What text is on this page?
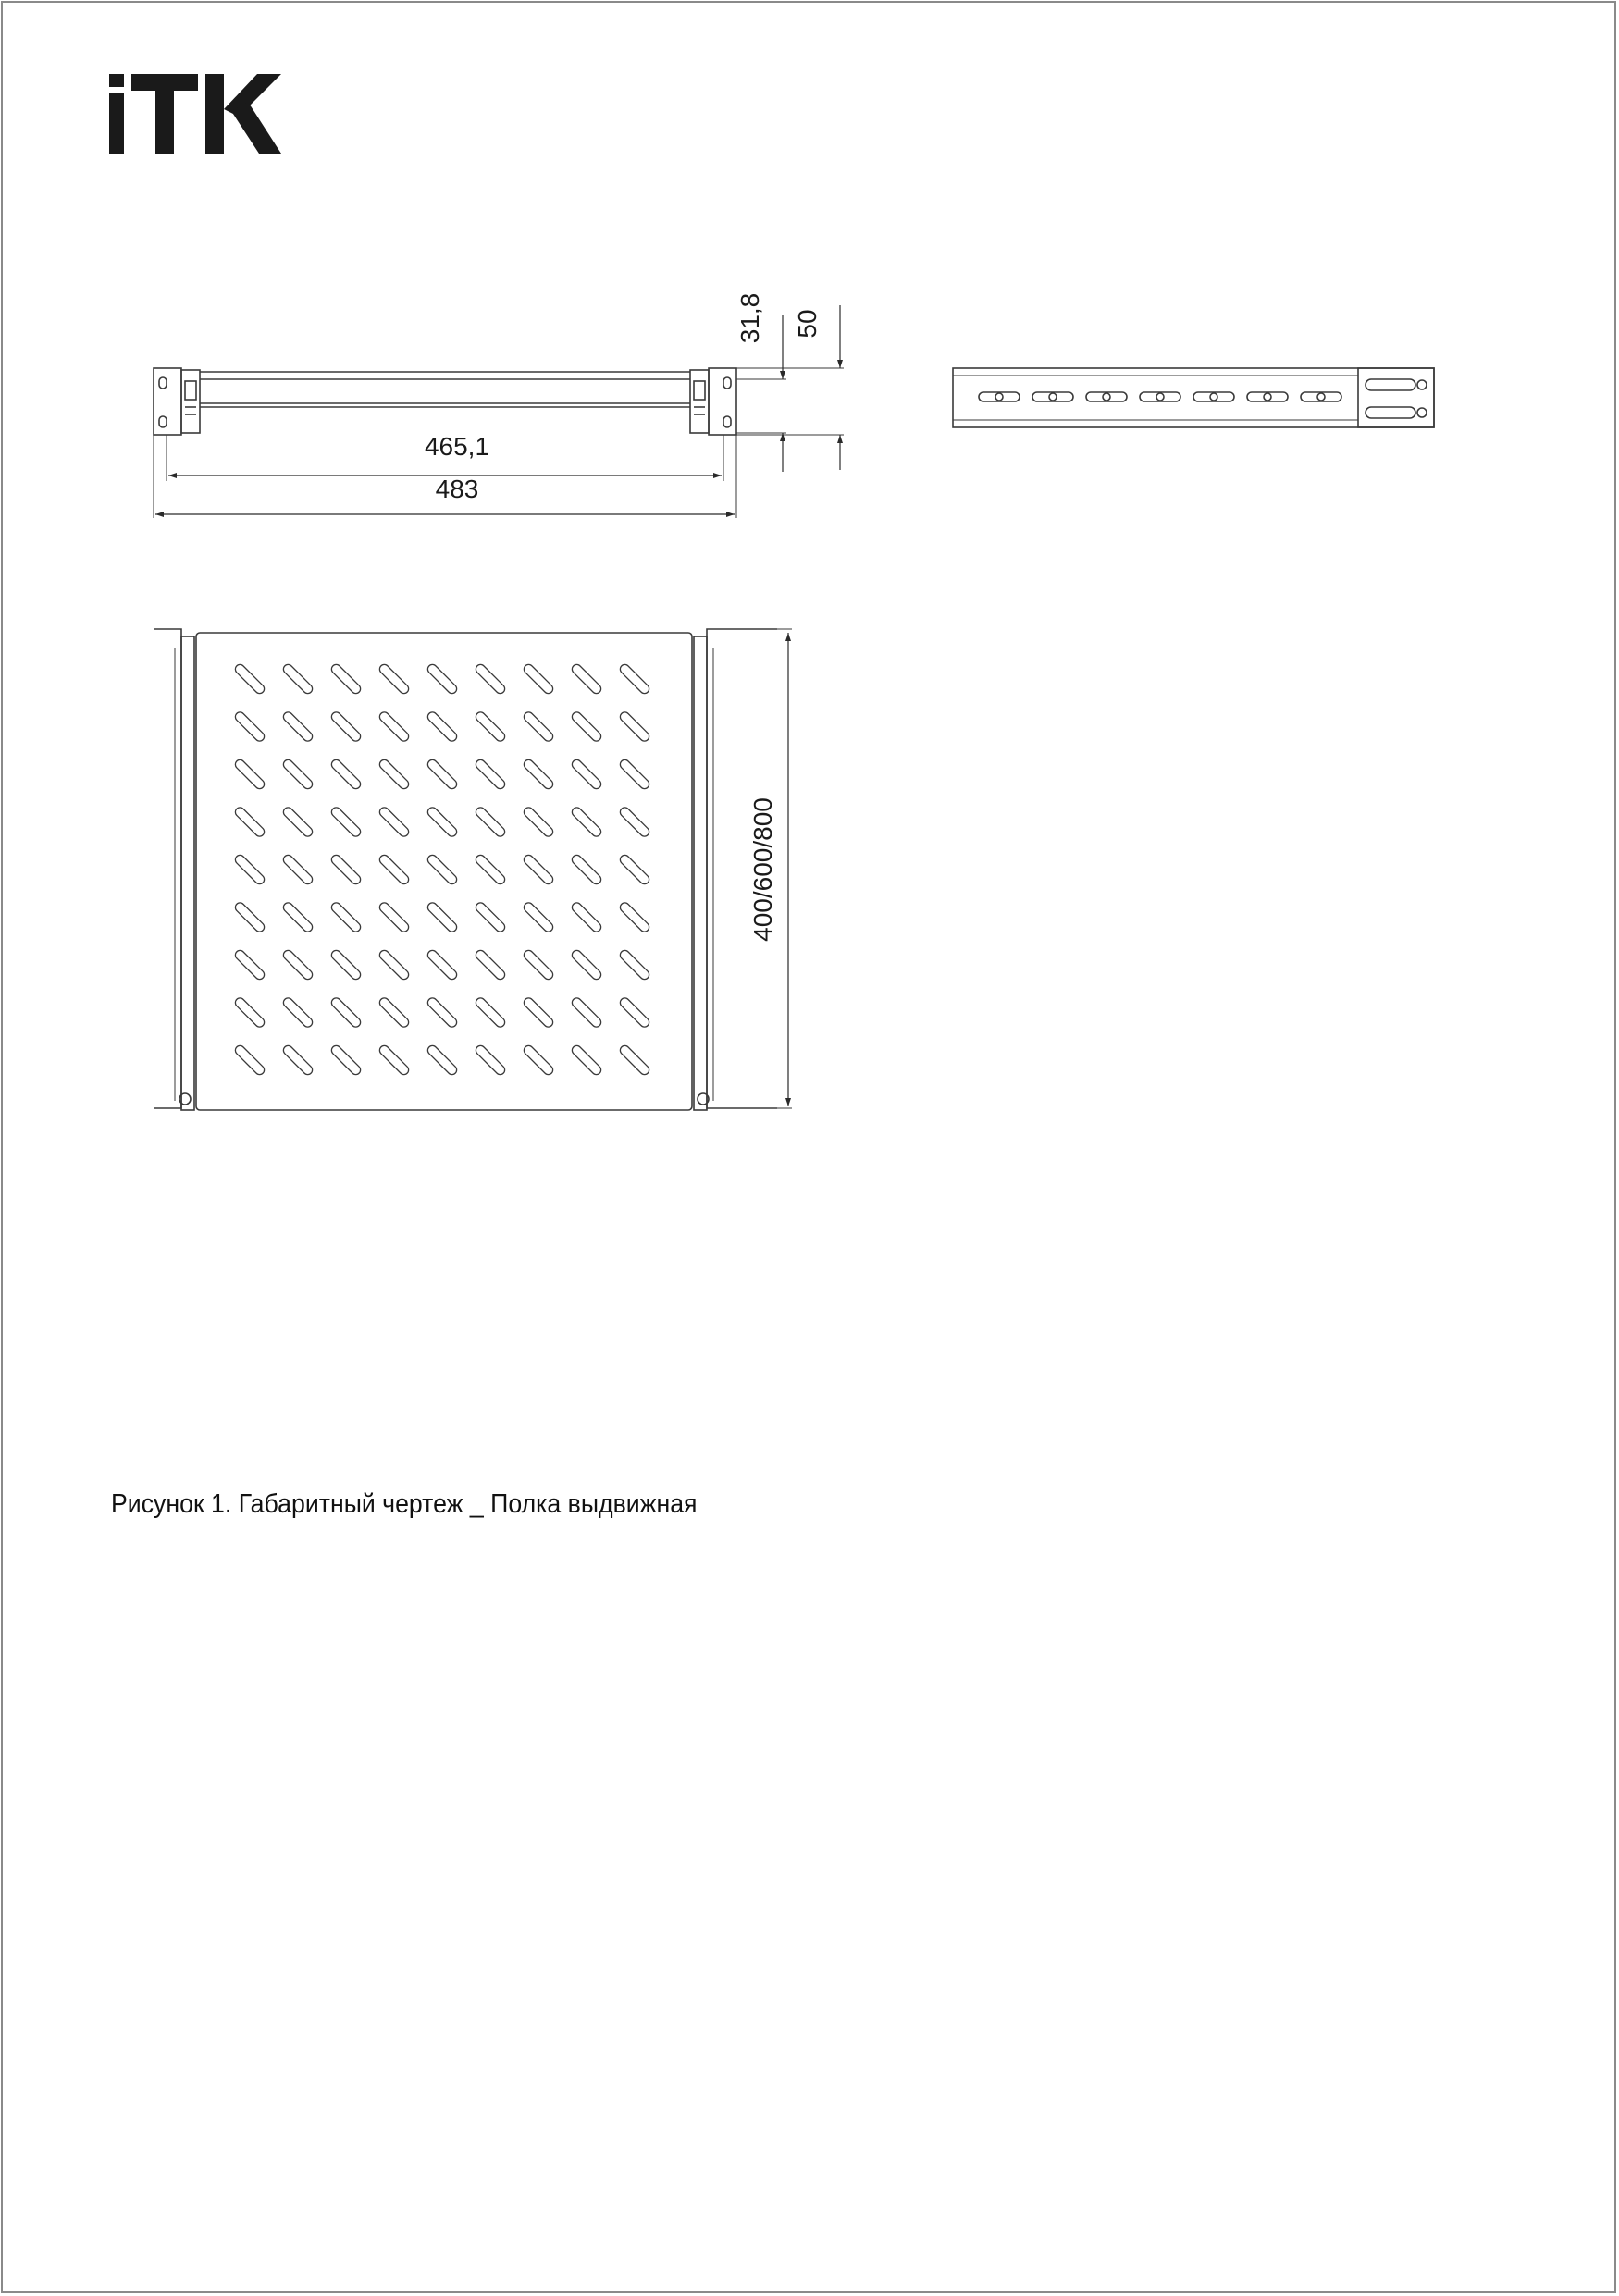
465,1
483
31,8 50
400/600/800
Рисунок 1. Габаритный чертеж _ Полка выдвижная
